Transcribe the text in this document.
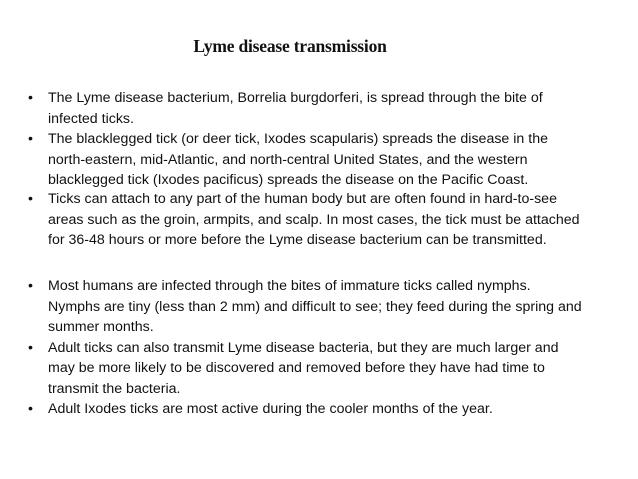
Lyme disease transmission
• The Lyme disease bacterium, Borrelia burgdorferi, is spread through the bite of infected ticks.
• The blacklegged tick (or deer tick, Ixodes scapularis) spreads the disease in the north-eastern, mid-Atlantic, and north-central United States, and the western blacklegged tick (Ixodes pacificus) spreads the disease on the Pacific Coast.
• Ticks can attach to any part of the human body but are often found in hard-to-see areas such as the groin, armpits, and scalp. In most cases, the tick must be attached for 36-48 hours or more before the Lyme disease bacterium can be transmitted.
• Most humans are infected through the bites of immature ticks called nymphs. Nymphs are tiny (less than 2 mm) and difficult to see; they feed during the spring and summer months.
• Adult ticks can also transmit Lyme disease bacteria, but they are much larger and may be more likely to be discovered and removed before they have had time to transmit the bacteria.
• Adult Ixodes ticks are most active during the cooler months of the year.
